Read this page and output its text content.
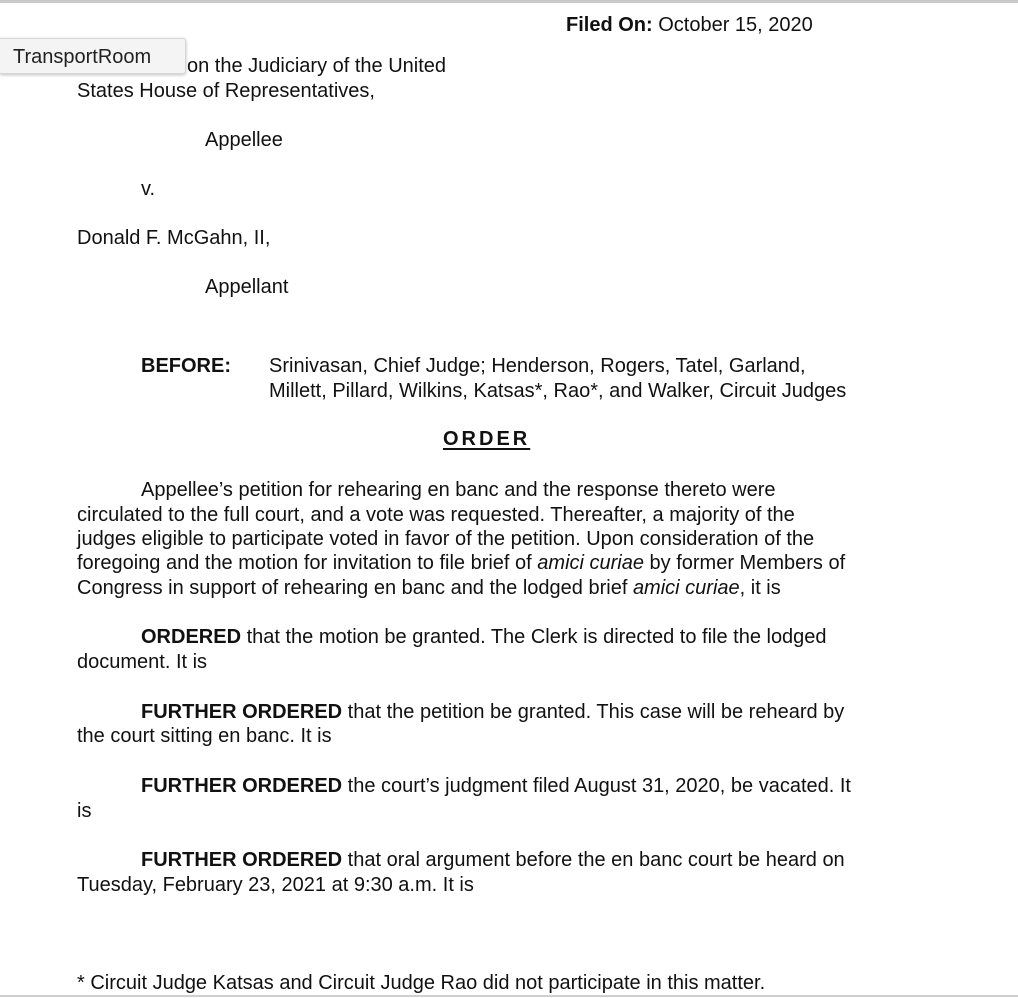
Filed On: October 15, 2020
on the Judiciary of the United
States House of Representatives,
Appellee
v.
Donald F. McGahn, II,
Appellant
BEFORE: Srinivasan, Chief Judge; Henderson, Rogers, Tatel, Garland,
Millett, Pillard, Wilkins, Katsas*, Rao*, and Walker, Circuit Judges
ORDER
Appellee’s petition for rehearing en banc and the response thereto were
circulated to the full court, and a vote was requested. Thereafter, a majority of the
judges eligible to participate voted in favor of the petition. Upon consideration of the
foregoing and the motion for invitation to file brief of amici curiae by former Members of
Congress in support of rehearing en banc and the lodged brief amici curiae, it is
ORDERED that the motion be granted. The Clerk is directed to file the lodged
document. It is
FURTHER ORDERED that the petition be granted. This case will be reheard by
the court sitting en banc. It is
FURTHER ORDERED the court’s judgment filed August 31, 2020, be vacated. It
is
FURTHER ORDERED that oral argument before the en banc court be heard on
Tuesday, February 23, 2021 at 9:30 a.m. It is
* Circuit Judge Katsas and Circuit Judge Rao did not participate in this matter.
TransportRoom
